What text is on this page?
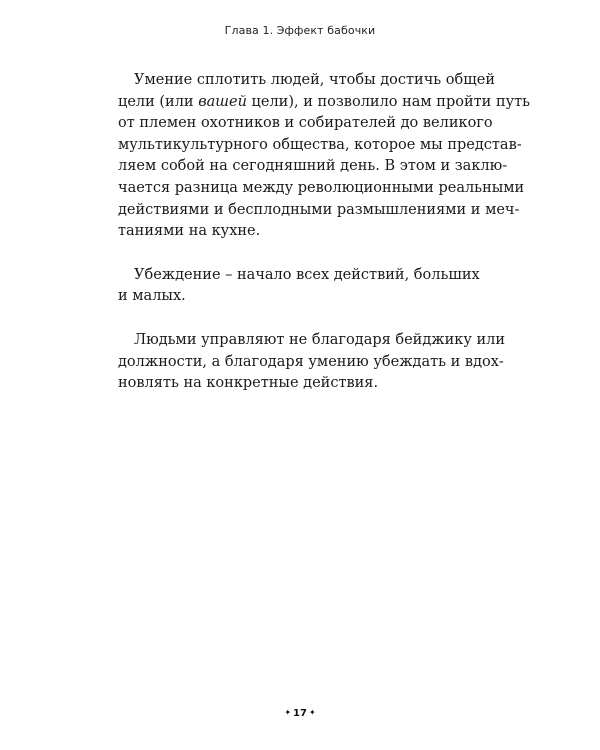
Глава 1. Эффект бабочки

Умение сплотить людей, чтобы достичь общей
цели (или вашей цели), и позволило нам пройти путь
от племен охотников и собирателей до великого
мультикультурного общества, которое мы представ-
ляем собой на сегодняшний день. В этом и заклю-
чается разница между революционными реальными
действиями и бесплодными размышлениями и меч-
таниями на кухне.

Убеждение – начало всех действий, больших
и малых.

Людьми управляют не благодаря бейджику или
должности, а благодаря умению убеждать и вдох-
новлять на конкретные действия.

✦ 17 ✦
